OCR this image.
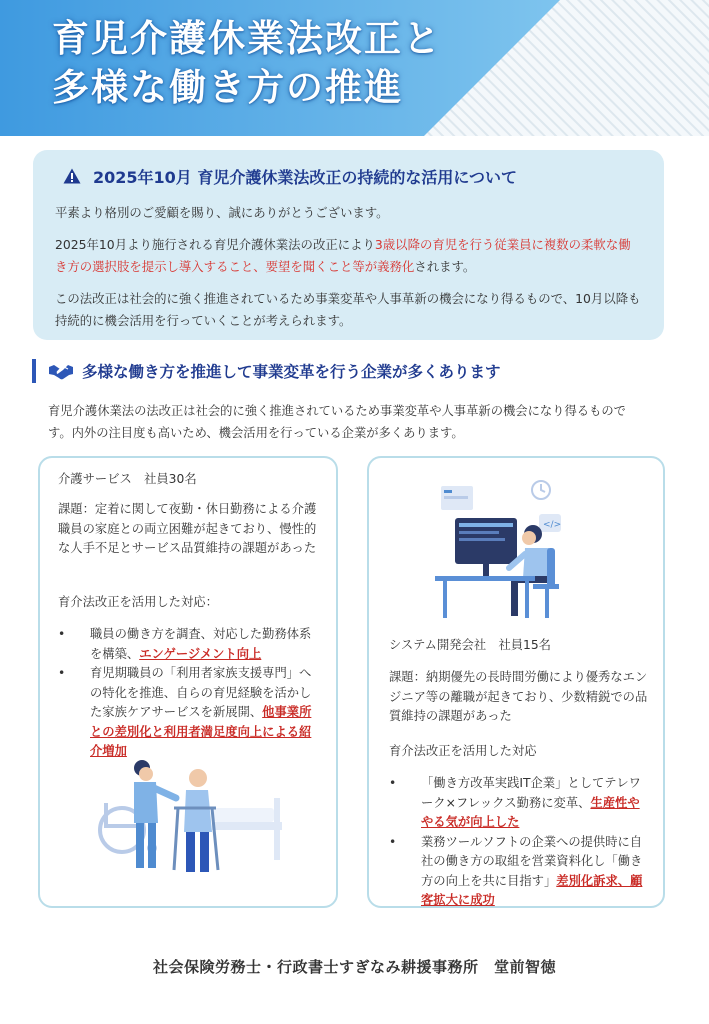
育児介護休業法改正と
多様な働き方の推進
2025年10月 育児介護休業法改正の持続的な活用について

平素より格別のご愛顧を賜り、誠にありがとうございます。

2025年10月より施行される育児介護休業法の改正により3歳以降の育児を行う従業員に複数の柔軟な働き方の選択肢を提示し導入すること、要望を聞くこと等が義務化されます。

この法改正は社会的に強く推進されているため事業変革や人事革新の機会になり得るもので、10月以降も持続的に機会活用を行っていくことが考えられます。

多様な働き方を推進して事業変革を行う企業が多くあります
育児介護休業法の法改正は社会的に強く推進されているため事業変革や人事革新の機会になり得るものです。内外の注目度も高いため、機会活用を行っている企業が多くあります。
介護サービス　社員30名
課題：定着に関して夜勤・休日勤務による介護職員の家庭との両立困難が起きており、慢性的な人手不足とサービス品質維持の課題があった
育介法改正を活用した対応：
• 職員の働き方を調査、対応した勤務体系を構築、エンゲージメント向上
• 育児期職員の「利用者家族支援専門」への特化を推進、自らの育児経験を活かした家族ケアサービスを新展開、他事業所との差別化と利用者満足度向上による紹介増加
</>
システム開発会社　社員15名
課題：納期優先の長時間労働により優秀なエンジニア等の離職が起きており、少数精鋭での品質維持の課題があった
育介法改正を活用した対応
• 「働き方改革実践IT企業」としてテレワーク×フレックス勤務に変革、生産性ややる気が向上した
• 業務ツールソフトの企業への提供時に自社の働き方の取組を営業資料化し「働き方の向上を共に目指す」差別化訴求、顧客拡大に成功
社会保険労務士・行政書士すぎなみ耕援事務所　堂前智徳
